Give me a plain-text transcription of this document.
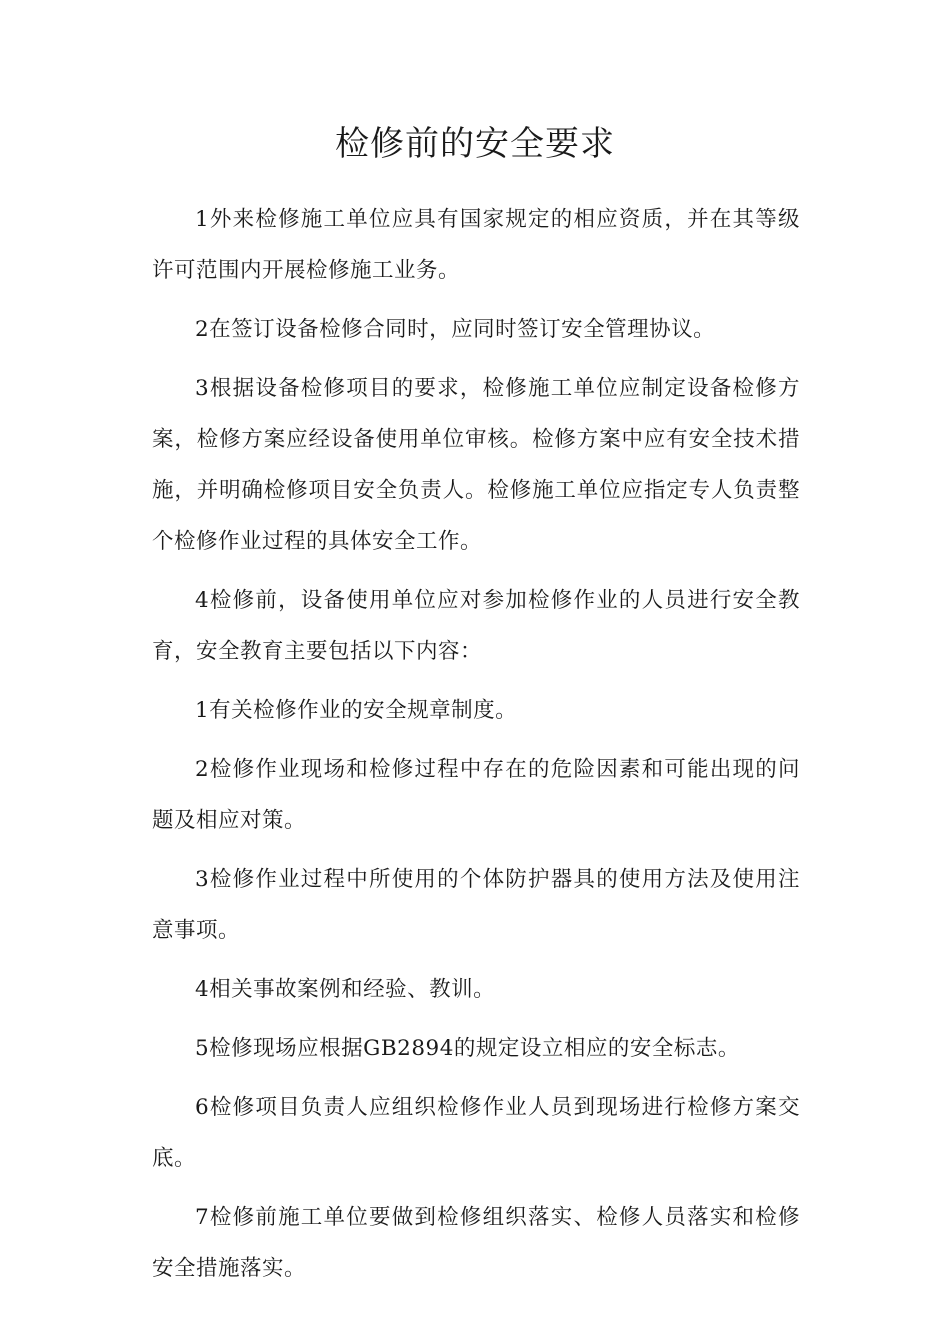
检修前的安全要求

1外来检修施工单位应具有国家规定的相应资质，并在其等级许可范围内开展检修施工业务。

2在签订设备检修合同时，应同时签订安全管理协议。

3根据设备检修项目的要求，检修施工单位应制定设备检修方案，检修方案应经设备使用单位审核。检修方案中应有安全技术措施，并明确检修项目安全负责人。检修施工单位应指定专人负责整个检修作业过程的具体安全工作。

4检修前，设备使用单位应对参加检修作业的人员进行安全教育，安全教育主要包括以下内容：

1有关检修作业的安全规章制度。

2检修作业现场和检修过程中存在的危险因素和可能出现的问题及相应对策。

3检修作业过程中所使用的个体防护器具的使用方法及使用注意事项。

4相关事故案例和经验、教训。

5检修现场应根据GB2894的规定设立相应的安全标志。

6检修项目负责人应组织检修作业人员到现场进行检修方案交底。

7检修前施工单位要做到检修组织落实、检修人员落实和检修安全措施落实。
